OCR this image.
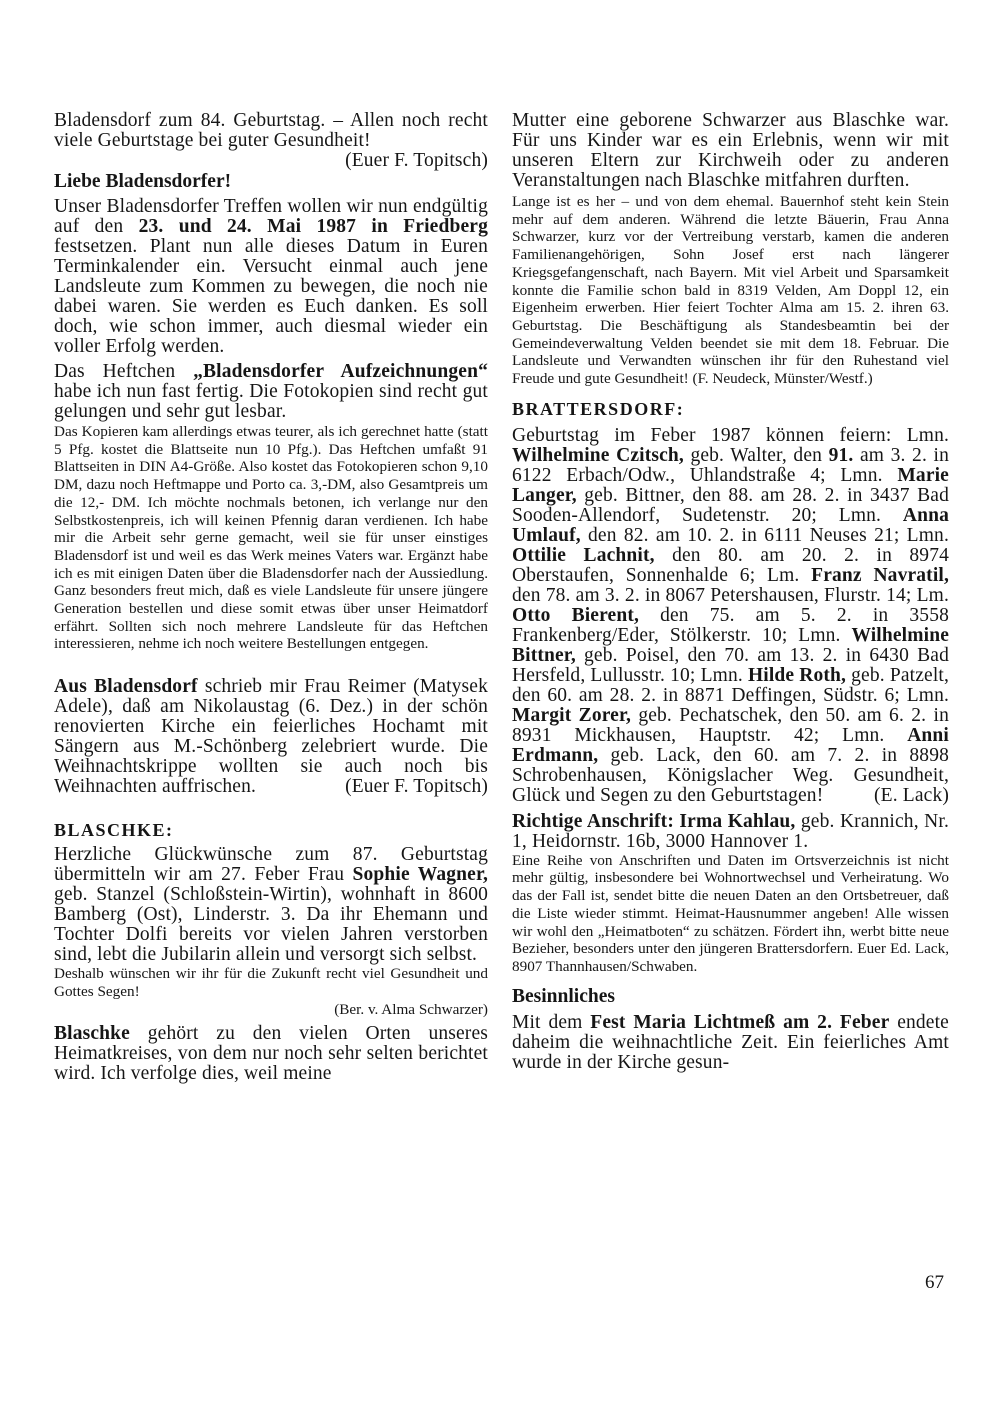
Bladensdorf zum 84. Geburtstag. – Allen noch recht viele Geburtstage bei guter Gesundheit!
(Euer F. Topitsch)

Liebe Bladensdorfer!

Unser Bladensdorfer Treffen wollen wir nun endgültig auf den 23. und 24. Mai 1987 in Friedberg festsetzen. Plant nun alle dieses Datum in Euren Terminkalender ein. Versucht einmal auch jene Landsleute zum Kommen zu bewegen, die noch nie dabei waren. Sie werden es Euch danken. Es soll doch, wie schon immer, auch diesmal wieder ein voller Erfolg werden.

Das Heftchen „Bladensdorfer Aufzeichnungen“ habe ich nun fast fertig. Die Fotokopien sind recht gut gelungen und sehr gut lesbar.

Das Kopieren kam allerdings etwas teurer, als ich gerechnet hatte (statt 5 Pfg. kostet die Blattseite nun 10 Pfg.). Das Heftchen umfaßt 91 Blattseiten in DIN A4-Größe. Also kostet das Fotokopieren schon 9,10 DM, dazu noch Heftmappe und Porto ca. 3,-DM, also Gesamtpreis um die 12,- DM. Ich möchte nochmals betonen, ich verlange nur den Selbstkostenpreis, ich will keinen Pfennig daran verdienen. Ich habe mir die Arbeit sehr gerne gemacht, weil sie für unser einstiges Bladensdorf ist und weil es das Werk meines Vaters war. Ergänzt habe ich es mit einigen Daten über die Bladensdorfer nach der Aussiedlung. Ganz besonders freut mich, daß es viele Landsleute für unsere jüngere Generation bestellen und diese somit etwas über unser Heimatdorf erfährt. Sollten sich noch mehrere Landsleute für das Heftchen interessieren, nehme ich noch weitere Bestellungen entgegen.

Aus Bladensdorf schrieb mir Frau Reimer (Matysek Adele), daß am Nikolaustag (6. Dez.) in der schön renovierten Kirche ein feierliches Hochamt mit Sängern aus M.-Schönberg zelebriert wurde. Die Weihnachtskrippe wollten sie auch noch bis Weihnachten auffrischen.	(Euer F. Topitsch)

BLASCHKE:

Herzliche Glückwünsche zum 87. Geburtstag übermitteln wir am 27. Feber Frau Sophie Wagner, geb. Stanzel (Schloßstein-Wirtin), wohnhaft in 8600 Bamberg (Ost), Linderstr. 3. Da ihr Ehemann und Tochter Dolfi bereits vor vielen Jahren verstorben sind, lebt die Jubilarin allein und versorgt sich selbst.

Deshalb wünschen wir ihr für die Zukunft recht viel Gesundheit und Gottes Segen!

(Ber. v. Alma Schwarzer)

Blaschke gehört zu den vielen Orten unseres Heimatkreises, von dem nur noch sehr selten berichtet wird. Ich verfolge dies, weil meine

Mutter eine geborene Schwarzer aus Blaschke war. Für uns Kinder war es ein Erlebnis, wenn wir mit unseren Eltern zur Kirchweih oder zu anderen Veranstaltungen nach Blaschke mitfahren durften.

Lange ist es her – und von dem ehemal. Bauernhof steht kein Stein mehr auf dem anderen. Während die letzte Bäuerin, Frau Anna Schwarzer, kurz vor der Vertreibung verstarb, kamen die anderen Familienangehörigen, Sohn Josef erst nach längerer Kriegsgefangenschaft, nach Bayern. Mit viel Arbeit und Sparsamkeit konnte die Familie schon bald in 8319 Velden, Am Doppl 12, ein Eigenheim erwerben. Hier feiert Tochter Alma am 15. 2. ihren 63. Geburtstag. Die Beschäftigung als Standesbeamtin bei der Gemeindeverwaltung Velden beendet sie mit dem 18. Februar. Die Landsleute und Verwandten wünschen ihr für den Ruhestand viel Freude und gute Gesundheit! (F. Neudeck, Münster/Westf.)

BRATTERSDORF:

Geburtstag im Feber 1987 können feiern: Lmn. Wilhelmine Czitsch, geb. Walter, den 91. am 3. 2. in 6122 Erbach/Odw., Uhlandstraße 4; Lmn. Marie Langer, geb. Bittner, den 88. am 28. 2. in 3437 Bad Sooden-Allendorf, Sudetenstr. 20; Lmn. Anna Umlauf, den 82. am 10. 2. in 6111 Neuses 21; Lmn. Ottilie Lachnit, den 80. am 20. 2. in 8974 Oberstaufen, Sonnenhalde 6; Lm. Franz Navratil, den 78. am 3. 2. in 8067 Petershausen, Flurstr. 14; Lm. Otto Bierent, den 75. am 5. 2. in 3558 Frankenberg/Eder, Stölkerstr. 10; Lmn. Wilhelmine Bittner, geb. Poisel, den 70. am 13. 2. in 6430 Bad Hersfeld, Lullusstr. 10; Lmn. Hilde Roth, geb. Patzelt, den 60. am 28. 2. in 8871 Deffingen, Südstr. 6; Lmn. Margit Zorer, geb. Pechatschek, den 50. am 6. 2. in 8931 Mickhausen, Hauptstr. 42; Lmn. Anni Erdmann, geb. Lack, den 60. am 7. 2. in 8898 Schrobenhausen, Königslacher Weg. Gesundheit, Glück und Segen zu den Geburtstagen!	(E. Lack)

Richtige Anschrift: Irma Kahlau, geb. Krannich, Nr. 1, Heidornstr. 16b, 3000 Hannover 1.

Eine Reihe von Anschriften und Daten im Ortsverzeichnis ist nicht mehr gültig, insbesondere bei Wohnortwechsel und Verheiratung. Wo das der Fall ist, sendet bitte die neuen Daten an den Ortsbetreuer, daß die Liste wieder stimmt. Heimat-Hausnummer angeben! Alle wissen wir wohl den „Heimatboten“ zu schätzen. Fördert ihn, werbt bitte neue Bezieher, besonders unter den jüngeren Brattersdorfern. Euer Ed. Lack, 8907 Thannhausen/Schwaben.

Besinnliches

Mit dem Fest Maria Lichtmeß am 2. Feber endete daheim die weihnachtliche Zeit. Ein feierliches Amt wurde in der Kirche gesun-

67
